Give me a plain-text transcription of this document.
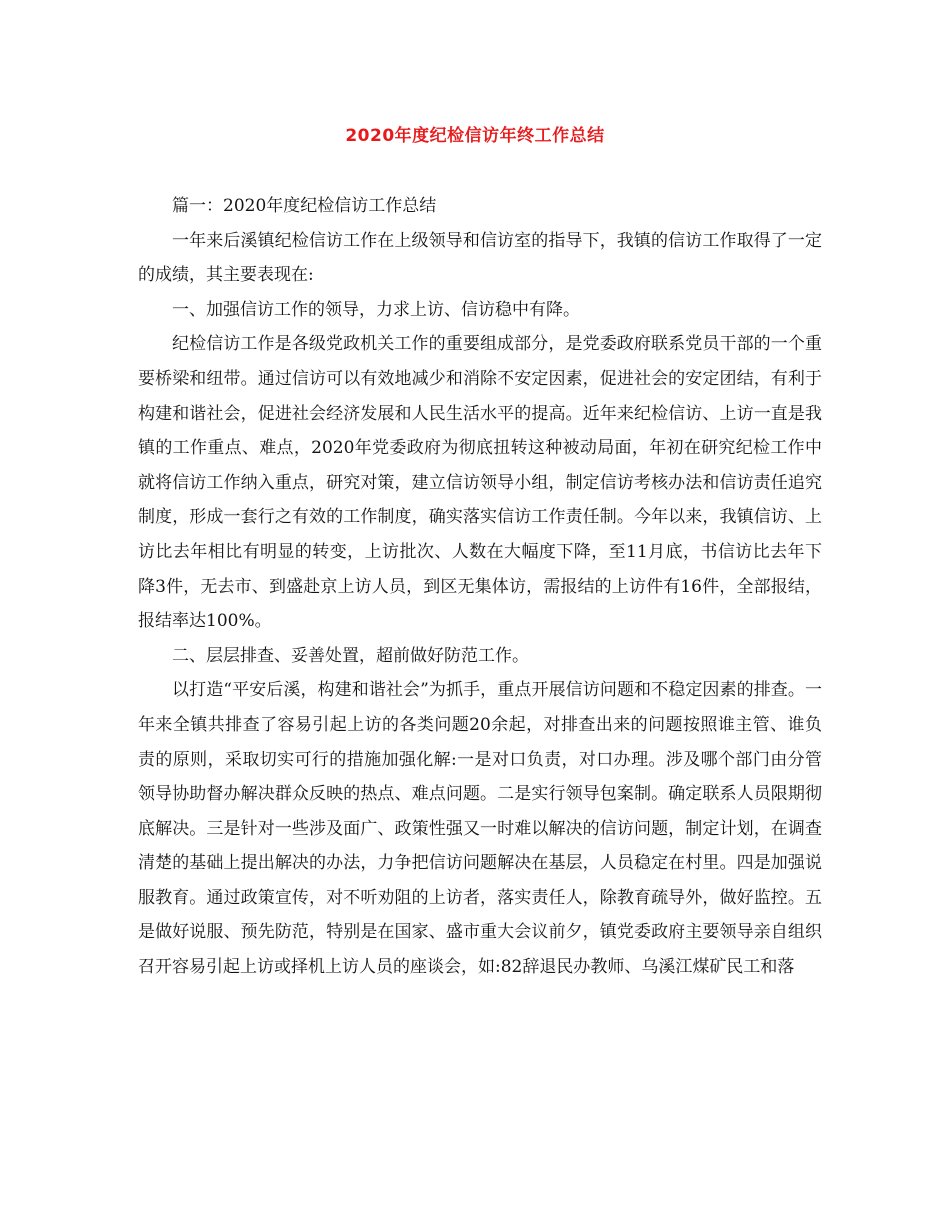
2020年度纪检信访年终工作总结

篇一：2020年度纪检信访工作总结

一年来后溪镇纪检信访工作在上级领导和信访室的指导下，我镇的信访工作取得了一定的成绩，其主要表现在:

一、加强信访工作的领导，力求上访、信访稳中有降。

纪检信访工作是各级党政机关工作的重要组成部分，是党委政府联系党员干部的一个重要桥梁和纽带。通过信访可以有效地减少和消除不安定因素，促进社会的安定团结，有利于构建和谐社会，促进社会经济发展和人民生活水平的提高。近年来纪检信访、上访一直是我镇的工作重点、难点，2020年党委政府为彻底扭转这种被动局面，年初在研究纪检工作中就将信访工作纳入重点，研究对策，建立信访领导小组，制定信访考核办法和信访责任追究制度，形成一套行之有效的工作制度，确实落实信访工作责任制。今年以来，我镇信访、上访比去年相比有明显的转变，上访批次、人数在大幅度下降，至11月底，书信访比去年下降3件，无去市、到盛赴京上访人员，到区无集体访，需报结的上访件有16件，全部报结，报结率达100%。

二、层层排查、妥善处置，超前做好防范工作。

以打造“平安后溪，构建和谐社会”为抓手，重点开展信访问题和不稳定因素的排查。一年来全镇共排查了容易引起上访的各类问题20余起，对排查出来的问题按照谁主管、谁负责的原则，采取切实可行的措施加强化解:一是对口负责，对口办理。涉及哪个部门由分管领导协助督办解决群众反映的热点、难点问题。二是实行领导包案制。确定联系人员限期彻底解决。三是针对一些涉及面广、政策性强又一时难以解决的信访问题，制定计划，在调查清楚的基础上提出解决的办法，力争把信访问题解决在基层，人员稳定在村里。四是加强说服教育。通过政策宣传，对不听劝阻的上访者，落实责任人，除教育疏导外，做好监控。五是做好说服、预先防范，特别是在国家、盛市重大会议前夕，镇党委政府主要领导亲自组织召开容易引起上访或择机上访人员的座谈会，如:82辞退民办教师、乌溪江煤矿民工和落
